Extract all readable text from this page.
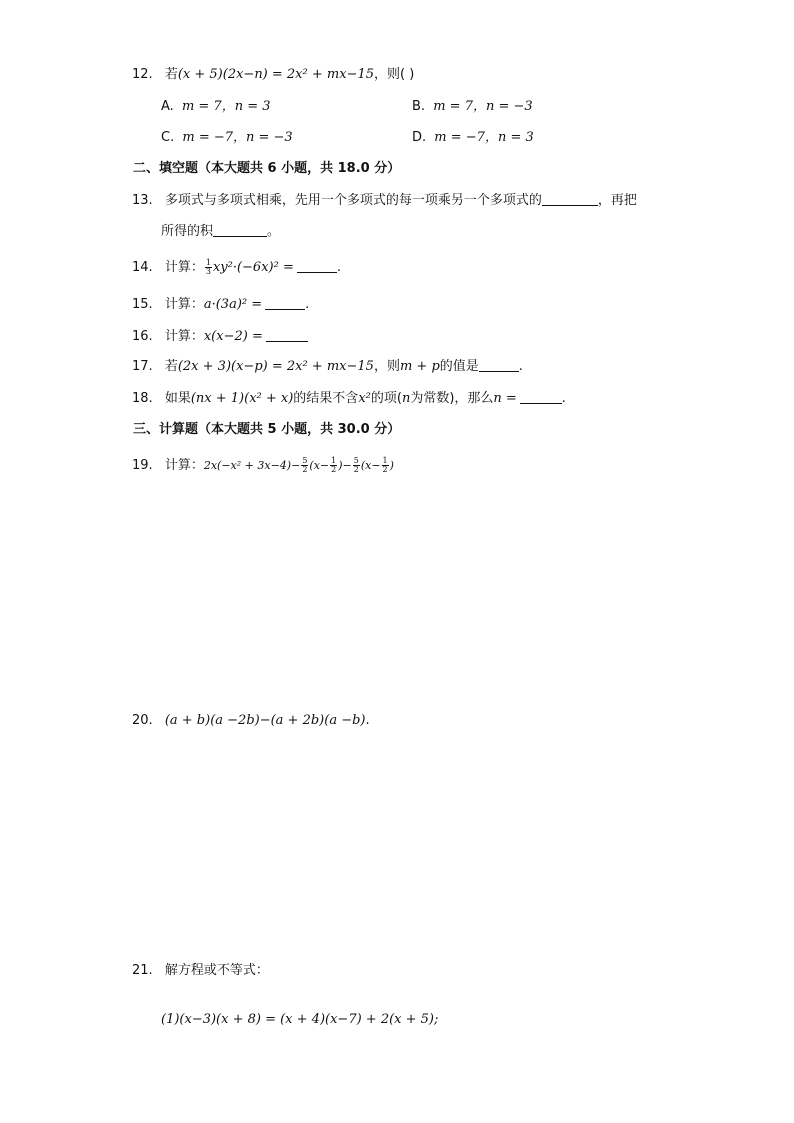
12. 若(x + 5)(2x−n) = 2x² + mx−15，则( )
A. m = 7，n = 3	B. m = 7，n = −3
C. m = −7，n = −3	D. m = −7，n = 3
二、填空题（本大题共 6 小题，共 18.0 分）
13. 多项式与多项式相乘，先用一个多项式的每一项乘另一个多项式的	，再把
所得的积	。
14. 计算： $\frac{1}{3} xy^2\cdot(-6x)^2$ =	.
15. 计算：a·(3a)² =	.
16. 计算：x(x−2) =
17. 若(2x + 3)(x−p) = 2x² + mx−15，则m + p的值是	.
18. 如果(nx + 1)(x² + x)的结果不含x²的项(n为常数)，那么n =	.
三、计算题（本大题共 5 小题，共 30.0 分）
19. 计算：$2x(-x^2 + 3x-4)- \frac{5}{2} (x- \frac{1}{2}$ )− $\frac{5}{2} (x- \frac{1}{2}$ )
20. (a + b)(a −2b)−(a + 2b)(a −b).
21. 解方程或不等式：
(1)(x−3)(x + 8) = (x + 4)(x−7) + 2(x + 5);
